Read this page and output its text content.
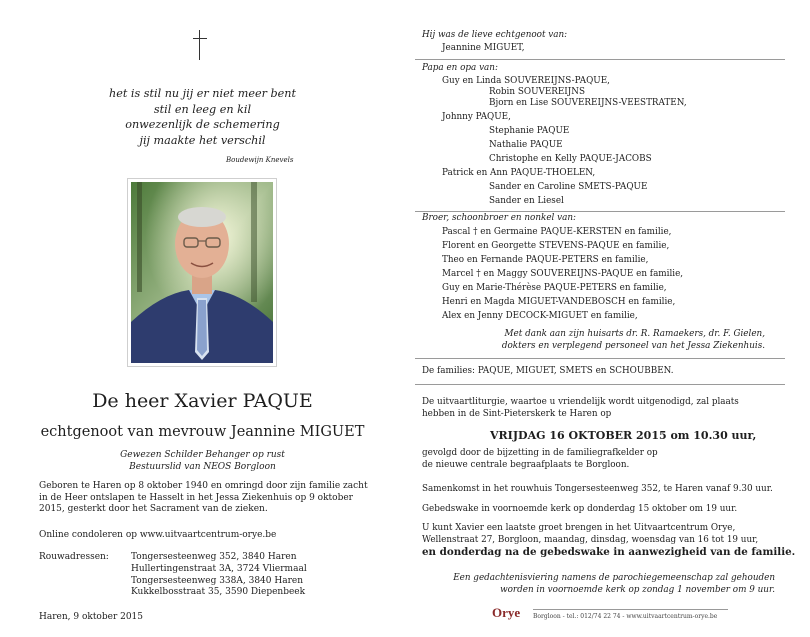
het is stil nu jij er niet meer bent
stil en leeg en kil
onwezenlijk de schemering
jij maakte het verschil
Boudewijn Knevels
De heer Xavier PAQUE
echtgenoot van mevrouw Jeannine MIGUET
Gewezen Schilder Behanger op rust
Bestuurslid van NEOS Borgloon
Geboren te Haren op 8 oktober 1940 en omringd door zijn familie zacht in de Heer ontslapen te Hasselt in het Jessa Ziekenhuis op 9 oktober 2015, gesterkt door het Sacrament van de zieken.
Online condoleren op www.uitvaartcentrum-orye.be
Rouwadressen: Tongersesteenweg 352, 3840 Haren
Hullertingenstraat 3A, 3724 Vliermaal
Tongersesteenweg 338A, 3840 Haren
Kukkelbosstraat 35, 3590 Diepenbeek
Haren, 9 oktober 2015
Hij was de lieve echtgenoot van:
Jeannine MIGUET,
Papa en opa van:
Guy en Linda SOUVEREIJNS-PAQUE,
Robin SOUVEREIJNS
Bjorn en Lise SOUVEREIJNS-VEESTRATEN,
Johnny PAQUE,
Stephanie PAQUE
Nathalie PAQUE
Christophe en Kelly PAQUE-JACOBS
Patrick en Ann PAQUE-THOELEN,
Sander en Caroline SMETS-PAQUE
Sander en Liesel
Broer, schoonbroer en nonkel van:
Pascal † en Germaine PAQUE-KERSTEN en familie,
Florent en Georgette STEVENS-PAQUE en familie,
Theo en Fernande PAQUE-PETERS en familie,
Marcel † en Maggy SOUVEREIJNS-PAQUE en familie,
Guy en Marie-Thérèse PAQUE-PETERS en familie,
Henri en Magda MIGUET-VANDEBOSCH en familie,
Alex en Jenny DECOCK-MIGUET en familie,
Met dank aan zijn huisarts dr. R. Ramaekers, dr. F. Gielen,
dokters en verplegend personeel van het Jessa Ziekenhuis.
De families: PAQUE, MIGUET, SMETS en SCHOUBBEN.
De uitvaartliturgie, waartoe u vriendelijk wordt uitgenodigd, zal plaats
hebben in de Sint-Pieterskerk te Haren op
VRIJDAG 16 OKTOBER 2015 om 10.30 uur,
gevolgd door de bijzetting in de familiegrafkelder op
de nieuwe centrale begraafplaats te Borgloon.
Samenkomst in het rouwhuis Tongersesteenweg 352, te Haren vanaf 9.30 uur.
Gebedswake in voornoemde kerk op donderdag 15 oktober om 19 uur.
U kunt Xavier een laatste groet brengen in het Uitvaartcentrum Orye,
Wellenstraat 27, Borgloon, maandag, dinsdag, woensdag van 16 tot 19 uur,
en donderdag na de gebedswake in aanwezigheid van de familie.
Een gedachtenisviering namens de parochiegemeenschap zal gehouden
worden in voornoemde kerk op zondag 1 november om 9 uur.
Orye Borgloon - tel.: 012/74 22 74 - www.uitvaartcentrum-orye.be
